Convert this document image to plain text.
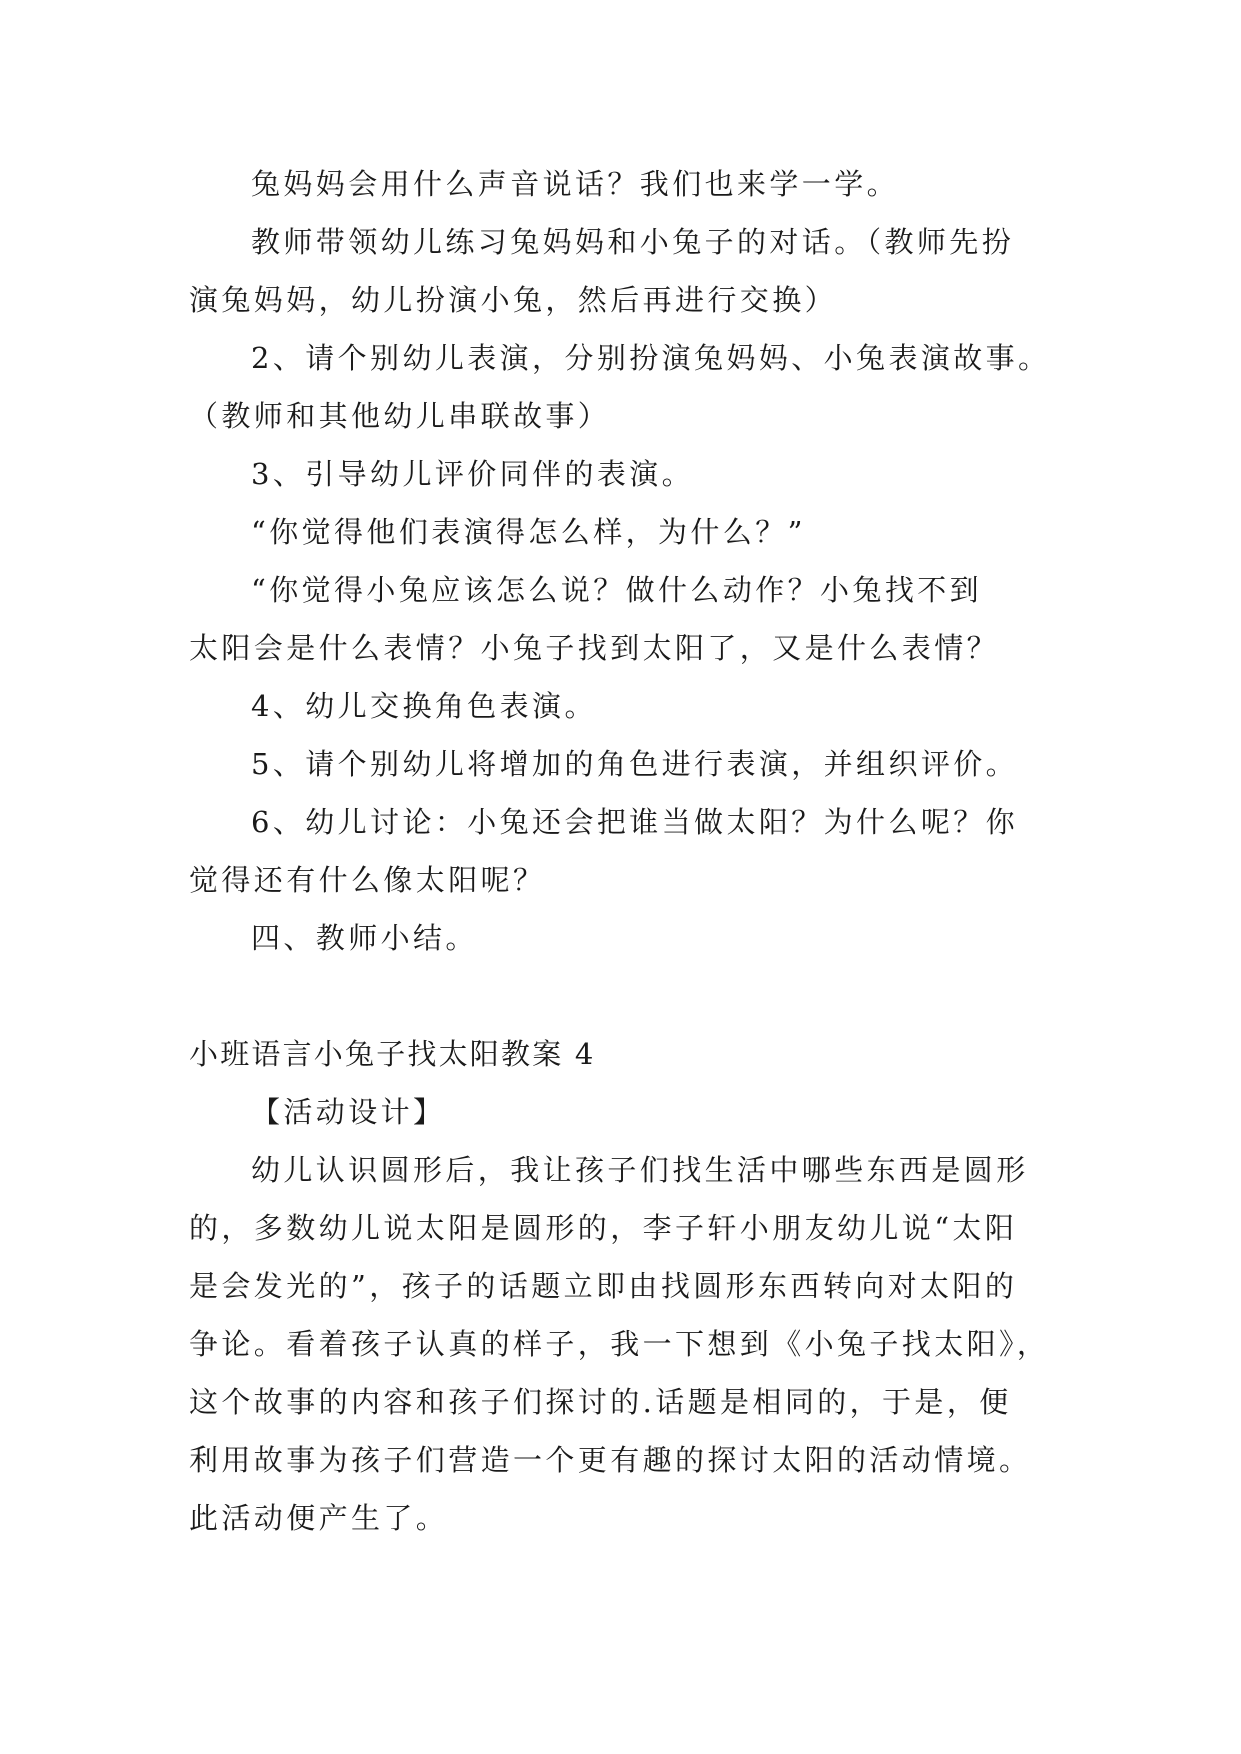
兔妈妈会用什么声音说话？我们也来学一学。
教师带领幼儿练习兔妈妈和小兔子的对话。（教师先扮
演兔妈妈，幼儿扮演小兔，然后再进行交换）
2、请个别幼儿表演，分别扮演兔妈妈、小兔表演故事。
（教师和其他幼儿串联故事）
3、引导幼儿评价同伴的表演。
“你觉得他们表演得怎么样，为什么？”
“你觉得小兔应该怎么说？做什么动作？小兔找不到
太阳会是什么表情？小兔子找到太阳了，又是什么表情？
4、幼儿交换角色表演。
5、请个别幼儿将增加的角色进行表演，并组织评价。
6、幼儿讨论：小兔还会把谁当做太阳？为什么呢？你
觉得还有什么像太阳呢？
四、教师小结。
小班语言小兔子找太阳教案 4
【活动设计】
幼儿认识圆形后，我让孩子们找生活中哪些东西是圆形
的，多数幼儿说太阳是圆形的，李子轩小朋友幼儿说“太阳
是会发光的”，孩子的话题立即由找圆形东西转向对太阳的
争论。看着孩子认真的样子，我一下想到《小兔子找太阳》，
这个故事的内容和孩子们探讨的.话题是相同的，于是，便
利用故事为孩子们营造一个更有趣的探讨太阳的活动情境。
此活动便产生了。
